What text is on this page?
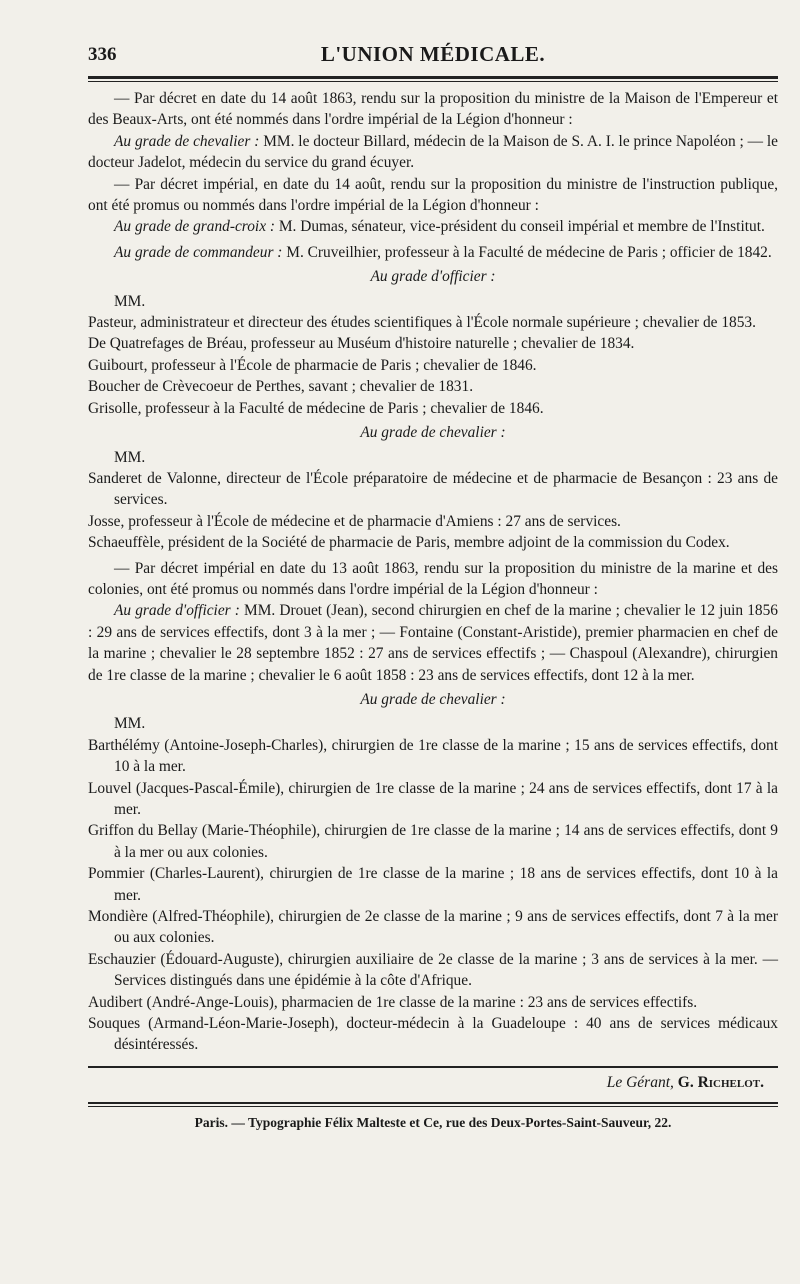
336	L'UNION MÉDICALE.

— Par décret en date du 14 août 1863, rendu sur la proposition du ministre de la Maison de l'Empereur et des Beaux-Arts, ont été nommés dans l'ordre impérial de la Légion d'honneur :

Au grade de chevalier : MM. le docteur Billard, médecin de la Maison de S. A. I. le prince Napoléon ; — le docteur Jadelot, médecin du service du grand écuyer.

— Par décret impérial, en date du 14 août, rendu sur la proposition du ministre de l'instruction publique, ont été promus ou nommés dans l'ordre impérial de la Légion d'honneur :

Au grade de grand-croix : M. Dumas, sénateur, vice-président du conseil impérial et membre de l'Institut.

Au grade de commandeur : M. Cruveilhier, professeur à la Faculté de médecine de Paris ; officier de 1842.

Au grade d'officier :

MM.

Pasteur, administrateur et directeur des études scientifiques à l'École normale supérieure ; chevalier de 1853.

De Quatrefages de Bréau, professeur au Muséum d'histoire naturelle ; chevalier de 1834.

Guibourt, professeur à l'École de pharmacie de Paris ; chevalier de 1846.

Boucher de Crèvecoeur de Perthes, savant ; chevalier de 1831.

Grisolle, professeur à la Faculté de médecine de Paris ; chevalier de 1846.

Au grade de chevalier :

MM.

Sanderet de Valonne, directeur de l'École préparatoire de médecine et de pharmacie de Besançon : 23 ans de services.

Josse, professeur à l'École de médecine et de pharmacie d'Amiens : 27 ans de services.

Schaeuffèle, président de la Société de pharmacie de Paris, membre adjoint de la commission du Codex.

— Par décret impérial en date du 13 août 1863, rendu sur la proposition du ministre de la marine et des colonies, ont été promus ou nommés dans l'ordre impérial de la Légion d'honneur :

Au grade d'officier : MM. Drouet (Jean), second chirurgien en chef de la marine ; chevalier le 12 juin 1856 : 29 ans de services effectifs, dont 3 à la mer ; — Fontaine (Constant-Aristide), premier pharmacien en chef de la marine ; chevalier le 28 septembre 1852 : 27 ans de services effectifs ; — Chaspoul (Alexandre), chirurgien de 1re classe de la marine ; chevalier le 6 août 1858 : 23 ans de services effectifs, dont 12 à la mer.

Au grade de chevalier :

MM.

Barthélémy (Antoine-Joseph-Charles), chirurgien de 1re classe de la marine ; 15 ans de services effectifs, dont 10 à la mer.

Louvel (Jacques-Pascal-Émile), chirurgien de 1re classe de la marine ; 24 ans de services effectifs, dont 17 à la mer.

Griffon du Bellay (Marie-Théophile), chirurgien de 1re classe de la marine ; 14 ans de services effectifs, dont 9 à la mer ou aux colonies.

Pommier (Charles-Laurent), chirurgien de 1re classe de la marine ; 18 ans de services effectifs, dont 10 à la mer.

Mondière (Alfred-Théophile), chirurgien de 2e classe de la marine ; 9 ans de services effectifs, dont 7 à la mer ou aux colonies.

Eschauzier (Édouard-Auguste), chirurgien auxiliaire de 2e classe de la marine ; 3 ans de services à la mer. — Services distingués dans une épidémie à la côte d'Afrique.

Audibert (André-Ange-Louis), pharmacien de 1re classe de la marine : 23 ans de services effectifs.

Souques (Armand-Léon-Marie-Joseph), docteur-médecin à la Guadeloupe : 40 ans de services médicaux désintéressés.

Le Gérant, G. Richelot.
Paris. — Typographie Félix Malteste et Ce, rue des Deux-Portes-Saint-Sauveur, 22.
